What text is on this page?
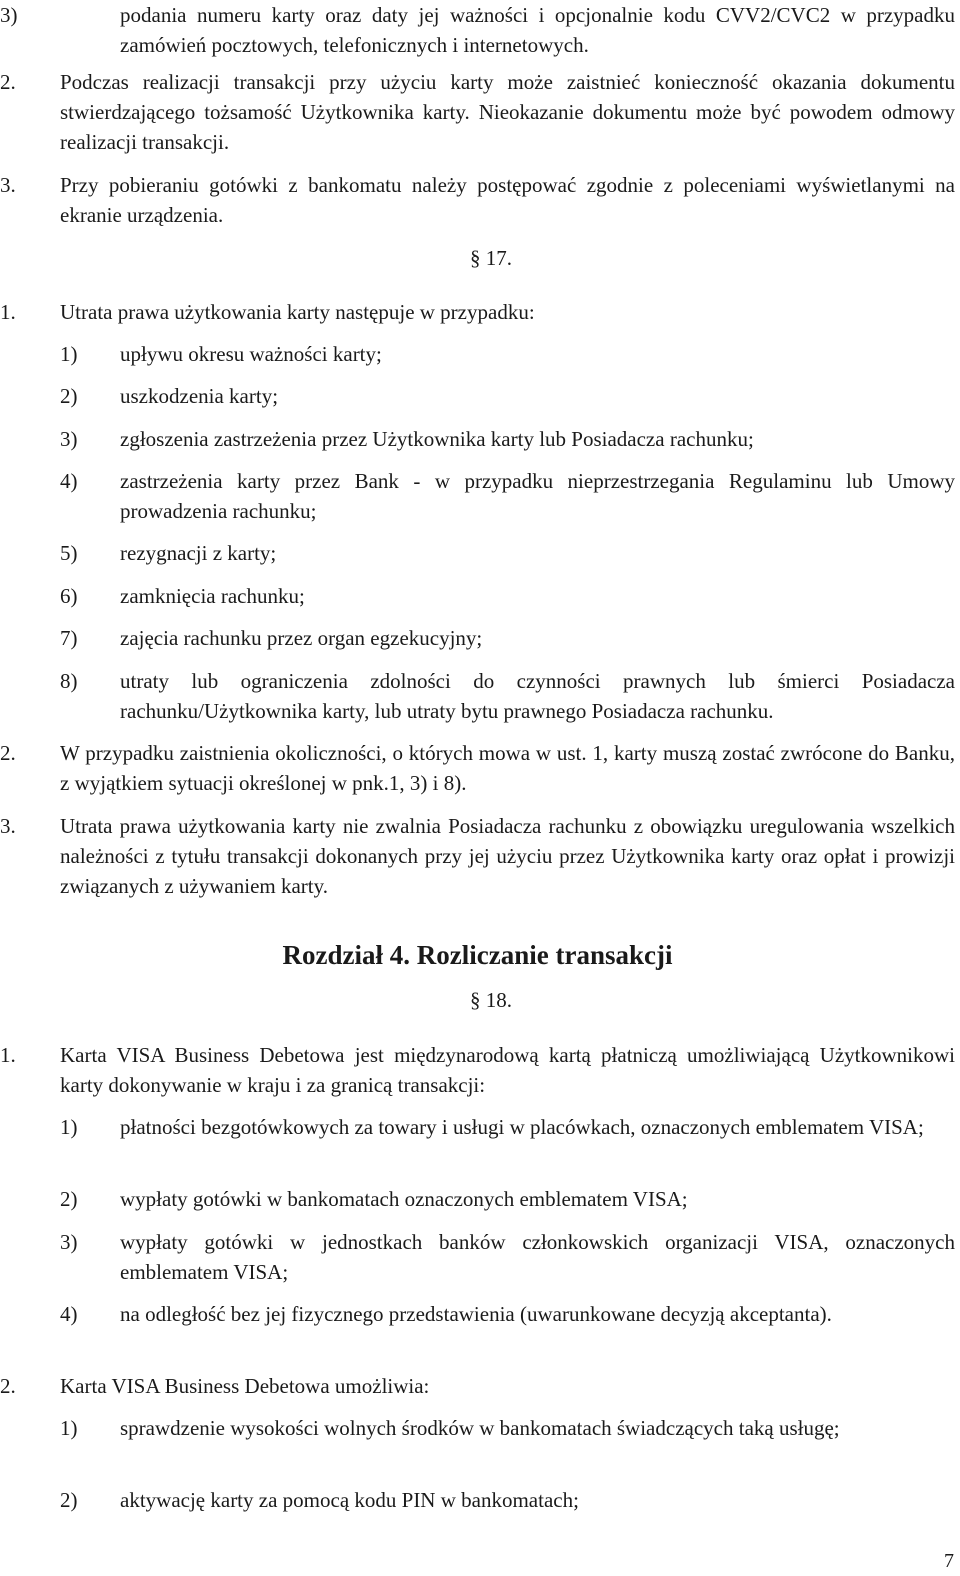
3)	podania numeru karty oraz daty jej ważności i opcjonalnie kodu CVV2/CVC2 w przypadku zamówień pocztowych, telefonicznych i internetowych.
2. Podczas realizacji transakcji przy użyciu karty może zaistnieć konieczność okazania dokumentu stwierdzającego tożsamość Użytkownika karty. Nieokazanie dokumentu może być powodem odmowy realizacji transakcji.
3. Przy pobieraniu gotówki z bankomatu należy postępować zgodnie z poleceniami wyświetlanymi na ekranie urządzenia.
§ 17.
1. Utrata prawa użytkowania karty następuje w przypadku:
1) upływu okresu ważności karty;
2) uszkodzenia karty;
3) zgłoszenia zastrzeżenia przez Użytkownika karty lub Posiadacza rachunku;
4) zastrzeżenia karty przez Bank - w przypadku nieprzestrzegania Regulaminu lub Umowy prowadzenia rachunku;
5) rezygnacji z karty;
6) zamknięcia rachunku;
7) zajęcia rachunku przez organ egzekucyjny;
8) utraty lub ograniczenia zdolności do czynności prawnych lub śmierci Posiadacza rachunku/Użytkownika karty, lub utraty bytu prawnego Posiadacza rachunku.
2. W przypadku zaistnienia okoliczności, o których mowa w ust. 1, karty muszą zostać zwrócone do Banku, z wyjątkiem sytuacji określonej w pnk.1, 3) i 8).
3. Utrata prawa użytkowania karty nie zwalnia Posiadacza rachunku z obowiązku uregulowania wszelkich należności z tytułu transakcji dokonanych przy jej użyciu przez Użytkownika karty oraz opłat i prowizji związanych z używaniem karty.
Rozdział 4. Rozliczanie transakcji
§ 18.
1. Karta VISA Business Debetowa jest międzynarodową kartą płatniczą umożliwiającą Użytkownikowi karty dokonywanie w kraju i za granicą transakcji:
1) płatności bezgotówkowych za towary i usługi w placówkach, oznaczonych emblematem VISA;
2) wypłaty gotówki w bankomatach oznaczonych emblematem VISA;
3) wypłaty gotówki w jednostkach banków członkowskich organizacji VISA, oznaczonych emblematem VISA;
4) na odległość bez jej fizycznego przedstawienia (uwarunkowane decyzją akceptanta).
2. Karta VISA Business Debetowa umożliwia:
1) sprawdzenie wysokości wolnych środków w bankomatach świadczących taką usługę;
2) aktywację karty za pomocą kodu PIN w bankomatach;
7
